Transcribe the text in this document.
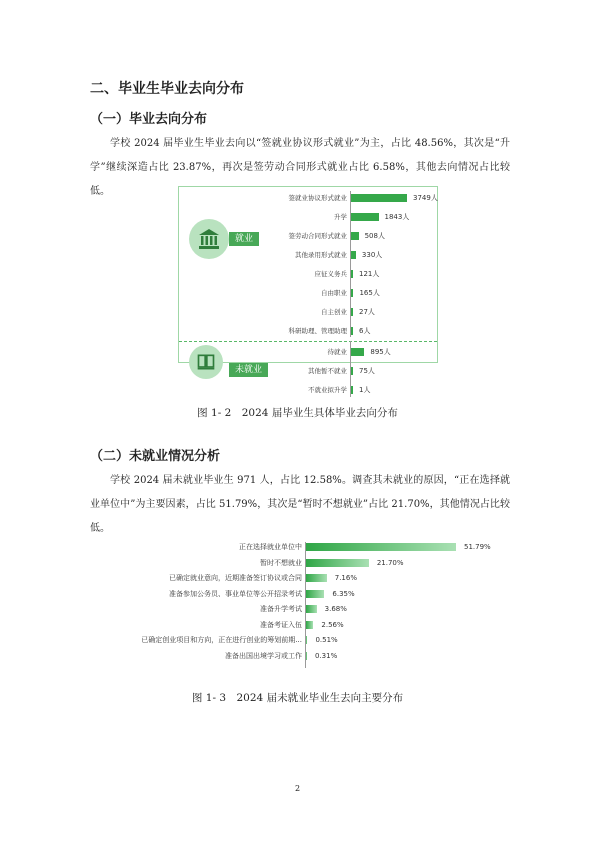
二、毕业生毕业去向分布
（一）毕业去向分布
学校 2024 届毕业生毕业去向以“签就业协议形式就业”为主，占比 48.56%，其次是“升学”继续深造占比 23.87%，再次是签劳动合同形式就业占比 6.58%，其他去向情况占比较低。
就业
未就业
签就业协议形式就业	3749人
升学	1843人
签劳动合同形式就业	508人
其他录用形式就业 330人
应征义务兵 121人
自由职业 165人
自主创业 27人
科研助理、管理助理 6人
待就业	895人
其他暂不就业 75人
不就业拟升学 1人
图 1- 2　2024 届毕业生具体毕业去向分布
（二）未就业情况分析
学校 2024 届未就业毕业生 971 人，占比 12.58%。调查其未就业的原因，“正在选择就业单位中”为主要因素，占比 51.79%，其次是“暂时不想就业”占比 21.70%，其他情况占比较低。
正在选择就业单位中	51.79%
暂时不想就业	21.70%
已确定就业意向，近期准备签订协议或合同	7.16%
准备参加公务员、事业单位等公开招录考试	6.35%
准备升学考试	3.68%
准备考证入伍	2.56%
已确定创业项目和方向，正在进行创业的筹划前期... 0.51%
准备出国出境学习或工作 0.31%
图 1- 3　2024 届未就业毕业生去向主要分布
2
